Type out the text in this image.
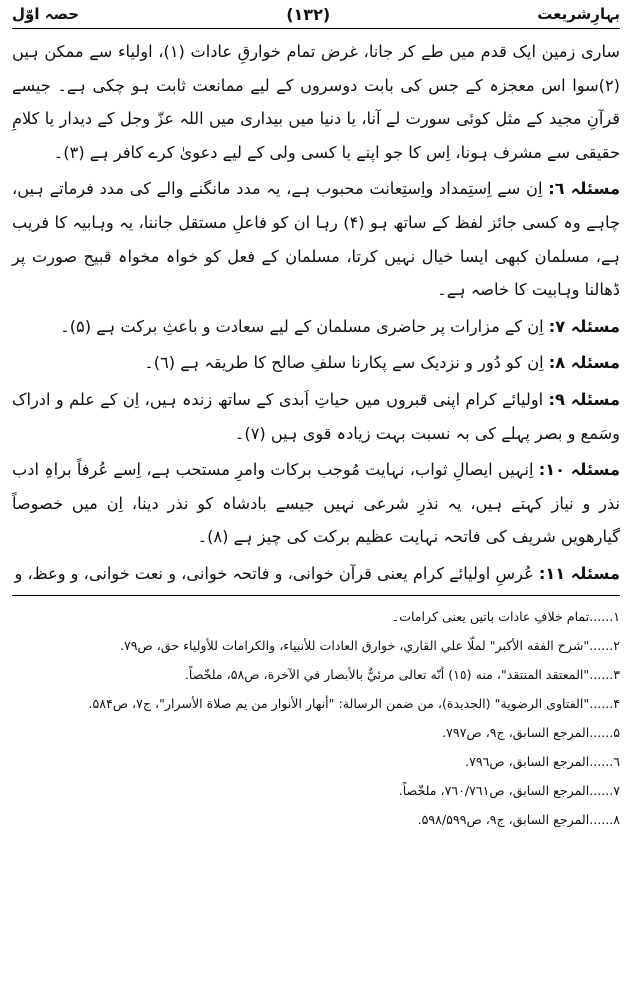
بہارِشریعت
(۱۳۲)
حصہ اوّل

ساری زمین ایک قدم میں طے کر جانا، غرض تمام خوارقِ عادات (۱)، اولیاء سے ممکن ہیں (۲)سوا اس معجزہ کے جس کی بابت دوسروں کے لیے ممانعت ثابت ہو چکی ہے۔ جیسے قرآنِ مجید کے مثل کوئی سورت لے آنا، یا دنیا میں بیداری میں اللہ عزّ وجل کے دیدار یا کلامِ حقیقی سے مشرف ہونا، اِس کا جو اپنے یا کسی ولی کے لیے دعویٰ کرے کافر ہے (۳)۔

مسئلہ ٦: اِن سے اِستِمداد واِستِعانت محبوب ہے، یہ مدد مانگنے والے کی مدد فرماتے ہیں، چاہے وہ کسی جائز لفظ کے ساتھ ہو (۴) رہا ان کو فاعلِ مستقل جاننا، یہ وہابیہ کا فریب ہے، مسلمان کبھی ایسا خیال نہیں کرتا، مسلمان کے فعل کو خواہ مخواہ قبیح صورت پر ڈھالنا وہابیت کا خاصہ ہے۔

مسئلہ ۷: اِن کے مزارات پر حاضری مسلمان کے لیے سعادت و باعثِ برکت ہے (۵)۔

مسئلہ ۸: اِن کو دُور و نزدیک سے پکارنا سلفِ صالح کا طریقہ ہے (٦)۔

مسئلہ ۹: اولیائے کرام اپنی قبروں میں حیاتِ اَبدی کے ساتھ زندہ ہیں، اِن کے علم و ادراک وسَمع و بصر پہلے کی بہ نسبت بہت زیادہ قوی ہیں (۷)۔

مسئلہ ١٠: اِنہیں ایصالِ ثواب، نہایت مُوجب برکات وامرِ مستحب ہے، اِسے عُرفاً براہِ ادب نذر و نیاز کہتے ہیں، یہ نذرِ شرعی نہیں جیسے بادشاہ کو نذر دینا، اِن میں خصوصاً گیارھویں شریف کی فاتحہ نہایت عظیم برکت کی چیز ہے (۸)۔

مسئلہ ١١: عُرسِ اولیائے کرام یعنی قرآن خوانی، و فاتحہ خوانی، و نعت خوانی، و وعظ، و

۱......تمام خلافِ عادات باتیں یعنی کرامات۔

۲......"شرح الفقه الأكبر" لملّا علي القاري، خوارق العادات للأنبياء، والكرامات للأولياء حق، ص۷۹.

۳......"المعتقد المنتقد"، منه (١٥) أنّه تعالى مرئيٌّ بالأبصار في الآخرة، ص۵۸، ملخّصاً.

۴......"الفتاوى الرضوية" (الجديدة)، من ضمن الرسالة: "أنهار الأنوار من يم صلاة الأسرار"، ج۷، ص۵۸۴.

۵......المرجع السابق، ج۹، ص۷۹۷.

٦......المرجع السابق، ص۷۹٦.

۷......المرجع السابق، ص۷٦۰/۷٦۱، ملخّصاً.

۸......المرجع السابق، ج۹، ص۵۹۸/۵۹۹.
